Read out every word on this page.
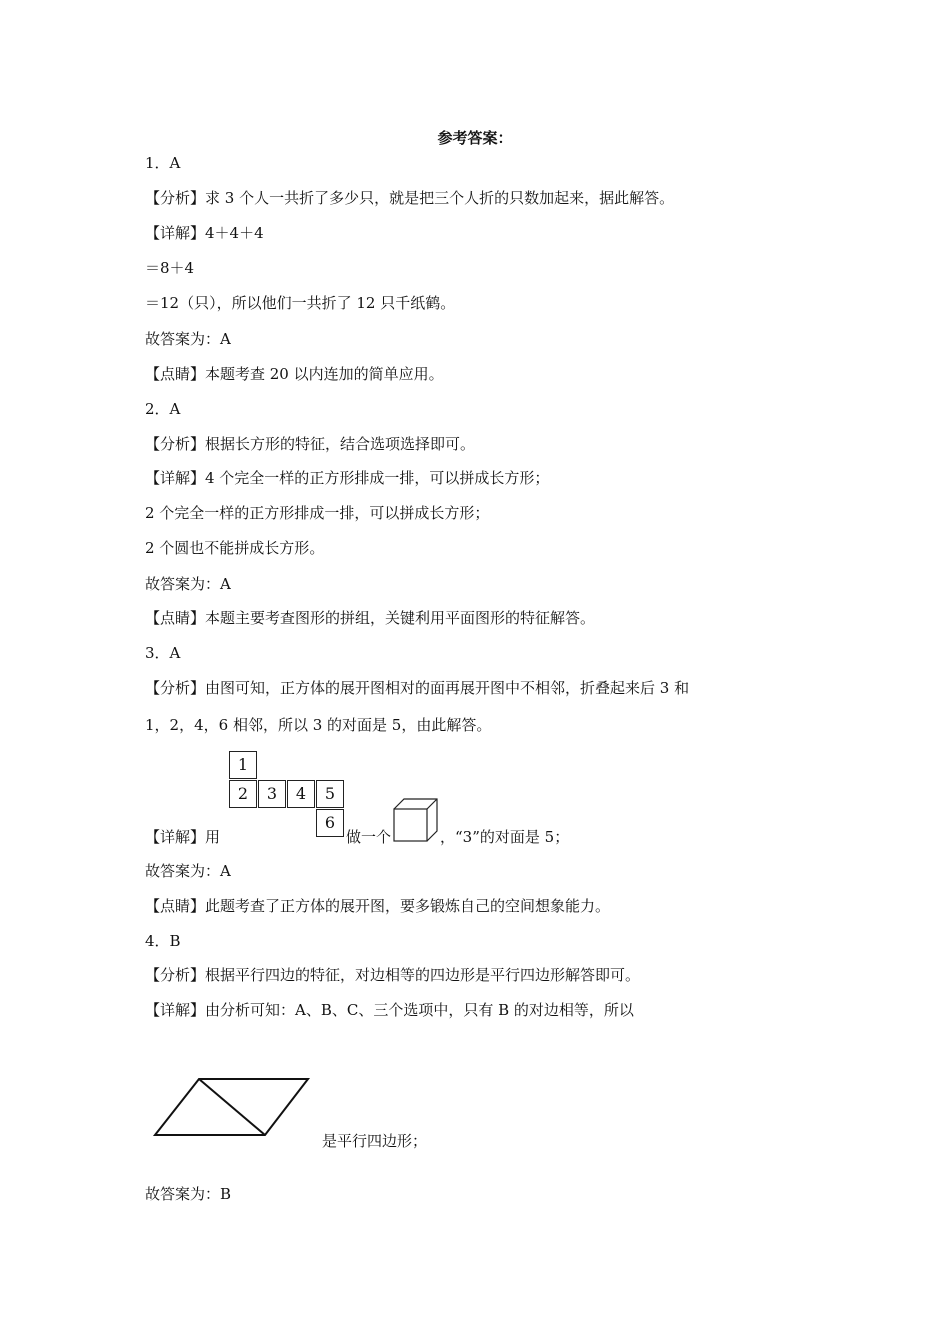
参考答案：
1．A
【分析】求 3 个人一共折了多少只，就是把三个人折的只数加起来，据此解答。
【详解】4＋4＋4
＝8＋4
＝12（只），所以他们一共折了 12 只千纸鹤。
故答案为：A
【点睛】本题考查 20 以内连加的简单应用。
2．A
【分析】根据长方形的特征，结合选项选择即可。
【详解】4 个完全一样的正方形排成一排，可以拼成长方形；
2 个完全一样的正方形排成一排，可以拼成长方形；
2 个圆也不能拼成长方形。
故答案为：A
【点睛】本题主要考查图形的拼组，关键利用平面图形的特征解答。
3．A
【分析】由图可知，正方体的展开图相对的面再展开图中不相邻，折叠起来后 3 和
1，2，4，6 相邻，所以 3 的对面是 5，由此解答。
1
2	3	4	5
6
【详解】用	做一个	，“3”的对面是 5；
故答案为：A
【点睛】此题考查了正方体的展开图，要多锻炼自己的空间想象能力。
4．B
【分析】根据平行四边的特征，对边相等的四边形是平行四边形解答即可。
【详解】由分析可知：A、B、C、三个选项中，只有 B 的对边相等，所以
是平行四边形；
故答案为：B
